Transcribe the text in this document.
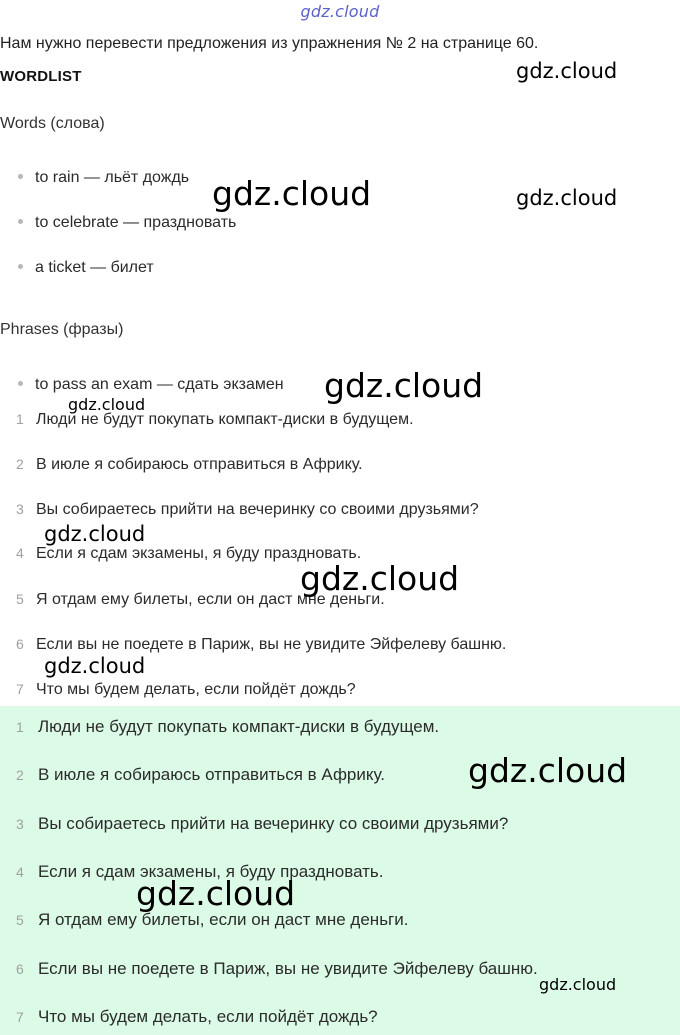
gdz.cloud
Нам нужно перевести предложения из упражнения № 2 на странице 60.
WORDLIST
Words (слова)
to rain — льёт дождь
to celebrate — праздновать
a ticket — билет
Phrases (фразы)
to pass an exam — сдать экзамен
1 Люди не будут покупать компакт-диски в будущем.
2 В июле я собираюсь отправиться в Африку.
3 Вы собираетесь прийти на вечеринку со своими друзьями?
4 Если я сдам экзамены, я буду праздновать.
5 Я отдам ему билеты, если он даст мне деньги.
6 Если вы не поедете в Париж, вы не увидите Эйфелеву башню.
7 Что мы будем делать, если пойдёт дождь?
1 Люди не будут покупать компакт-диски в будущем.
2 В июле я собираюсь отправиться в Африку.
3 Вы собираетесь прийти на вечеринку со своими друзьями?
4 Если я сдам экзамены, я буду праздновать.
5 Я отдам ему билеты, если он даст мне деньги.
6 Если вы не поедете в Париж, вы не увидите Эйфелеву башню.
7 Что мы будем делать, если пойдёт дождь?
gdz.cloud
gdz.cloud	gdz.cloud
gdz.cloud
gdz.cloud
gdz.cloud
gdz.cloud
gdz.cloud
gdz.cloud
gdz.cloud
gdz.cloud
